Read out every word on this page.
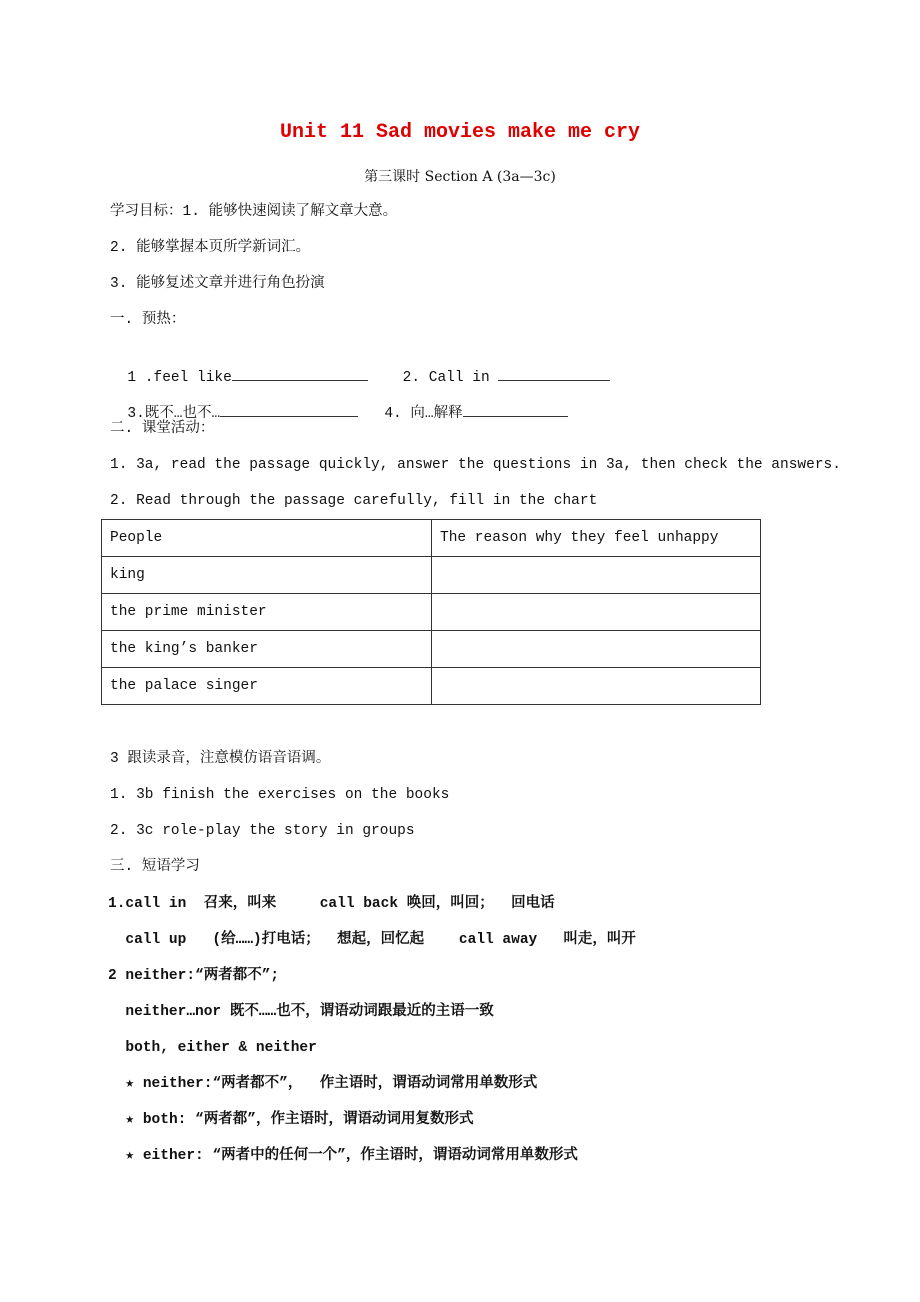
Unit 11 Sad movies make me cry
第三课时 Section A (3a—3c)
学习目标：1. 能够快速阅读了解文章大意。
2. 能够掌握本页所学新词汇。
3. 能够复述文章并进行角色扮演
一. 预热：

1 .feel like	2. Call in

3.既不…也不…	4. 向…解释

二. 课堂活动：
1. 3a, read the passage quickly, answer the questions in 3a, then check the answers.
2. Read through the passage carefully, fill in the chart
People	The reason why they feel unhappy
king	
the prime minister	
the king’s banker	
the palace singer	
3 跟读录音，注意模仿语音语调。
1. 3b finish the exercises on the books
2. 3c role-play the story in groups
三. 短语学习
1.call in  召来，叫来     call back 唤回，叫回；  回电话
call up   (给……)打电话；  想起，回忆起    call away   叫走，叫开
2 neither:“两者都不”;
neither…nor 既不……也不，谓语动词跟最近的主语一致
both, either & neither
★ neither:“两者都不”，  作主语时，谓语动词常用单数形式
★ both: “两者都”，作主语时，谓语动词用复数形式
★ either: “两者中的任何一个”，作主语时，谓语动词常用单数形式
